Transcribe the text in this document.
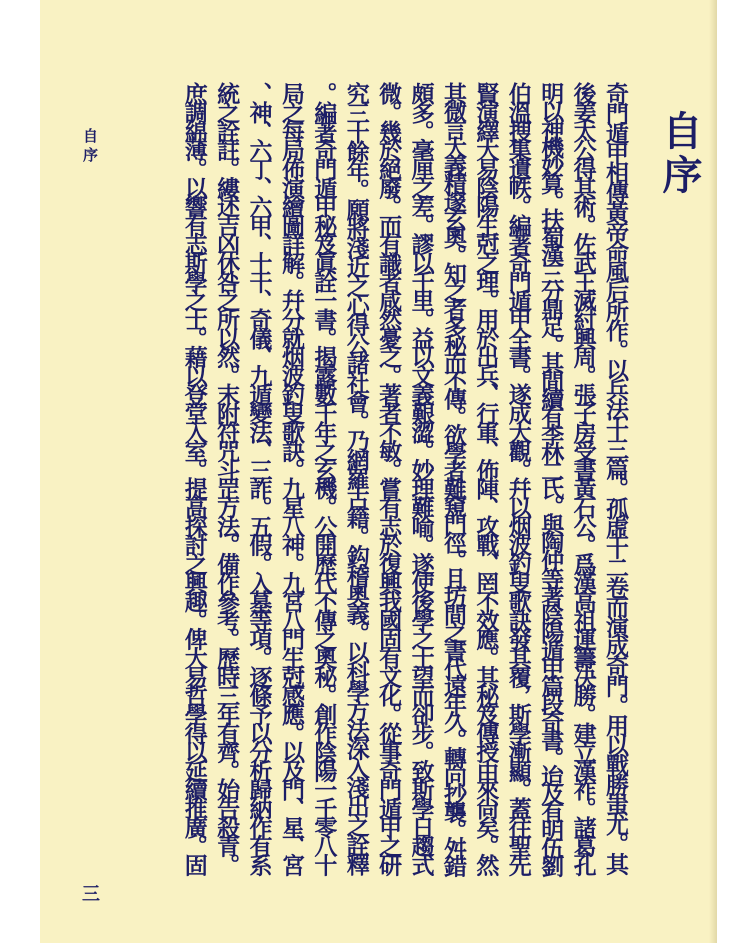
自序
奇門遁甲相傳黃帝命風后所作。以兵法十三篇。孤虛十二卷而演成奇門。用以戰勝蚩尤。其
後姜太公得其術。佐武王滅紂興周。張子房受書黃石公。爲漢高祖運籌决勝。建立漢祚。諸葛孔
明以神機妙算。扶蜀漢三分鼎足。其間續有李林二氏。與陶仲等著陰陽遁甲篇段奇書。迨及有明伍劉
伯溫搜集遺帙。編著奇門遁甲全書。遂成大觀。幷以烟波釣叟歌訣發其覆，斯學漸顯。蓋往聖先
賢演繹大易陰陽生尅之理。用於出兵、行軍、佈陣、攻戰、罔不效應。其秘笈傳授由來尙矣。然
其微言大義精邃玄奧。知之者多秘而不傳。欲學者難窺門徑。且坊間之書代遠年久。轉向抄襲。舛錯
頗多。毫厘之差。謬以千里。益以文義艱澀。妙理難喻。遂使後學之士望而卻步。致斯學日趨式
微。幾於絕廢。而有識者咸然憂之。著者不敏。嘗有志於復興我國固有文化。從事奇門遁甲之研
究三十餘年。願將淺近之心得公諸社會。乃網羅古籍。鈎稽奧義。以科學方法深入淺出之詮釋
。編著奇門遁甲秘笈眞詮一書。揭露數千年之玄機。公開歷代不傳之奧秘。創作陰陽一千零八十
局之每局佈演繪圖詳解。幷分就烟波釣叟歌訣。九星八神。九宮八門生尅感應。以及門、星、宮
、神、六丁、六甲、十干、奇儀、九遁變法、三詐。五假。入墓等項。逐條予以分析歸納作有系
統之詮註。縷述吉凶休咎之所以然。末附符咒斗罡方法。備作參考。歷時三年有齊。始告殺青。
庶調綿薄。以響有志斯學之士。藉以登堂入室。提高探討之興趣。俾大易哲學得以延續推廣。固
自序
三
